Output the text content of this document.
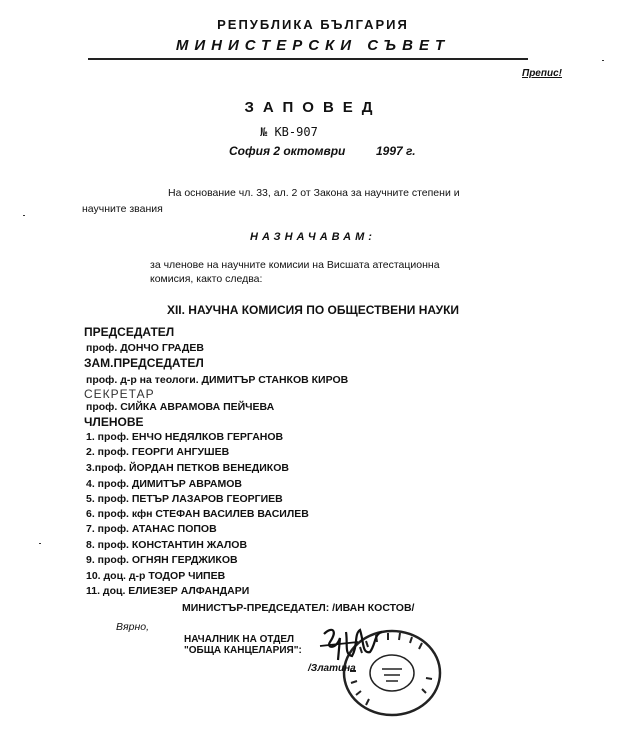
РЕПУБЛИКА БЪЛГАРИЯ
МИНИСТЕРСКИ СЪВЕТ
Препис!
ЗАПОВЕД
№ КВ-907
София 2 октомври	1997 г.
На основание чл. 33, ал. 2 от Закона за научните степени и
научните звания
НАЗНАЧАВАМ:
за членове на научните комисии на Висшата атестационна
комисия, както следва:
XII. НАУЧНА КОМИСИЯ ПО ОБЩЕСТВЕНИ НАУКИ
ПРЕДСЕДАТЕЛ
проф. ДОНЧО ГРАДЕВ
ЗАМ.ПРЕДСЕДАТЕЛ
проф. д-р на теологи. ДИМИТЪР СТАНКОВ КИРОВ
СЕКРЕТАР
проф. СИЙКА АВРАМОВА ПЕЙЧЕВА
ЧЛЕНОВЕ
1. проф. ЕНЧО НЕДЯЛКОВ ГЕРГАНОВ
2. проф. ГЕОРГИ АНГУШЕВ
3.проф. ЙОРДАН ПЕТКОВ ВЕНЕДИКОВ
4. проф. ДИМИТЪР АВРАМОВ
5. проф. ПЕТЪР ЛАЗАРОВ ГЕОРГИЕВ
6. проф. кфн СТЕФАН ВАСИЛЕВ ВАСИЛЕВ
7. проф. АТАНАС ПОПОВ
8. проф. КОНСТАНТИН ЖАЛОВ
9. проф. ОГНЯН ГЕРДЖИКОВ
10. доц. д-р ТОДОР ЧИПЕВ
11. доц. ЕЛИЕЗЕР АЛФАНДАРИ
МИНИСТЪР-ПРЕДСЕДАТЕЛ: /ИВАН КОСТОВ/
Вярно,
НАЧАЛНИК НА ОТДЕЛ
"ОБЩА КАНЦЕЛАРИЯ":
/Златина
